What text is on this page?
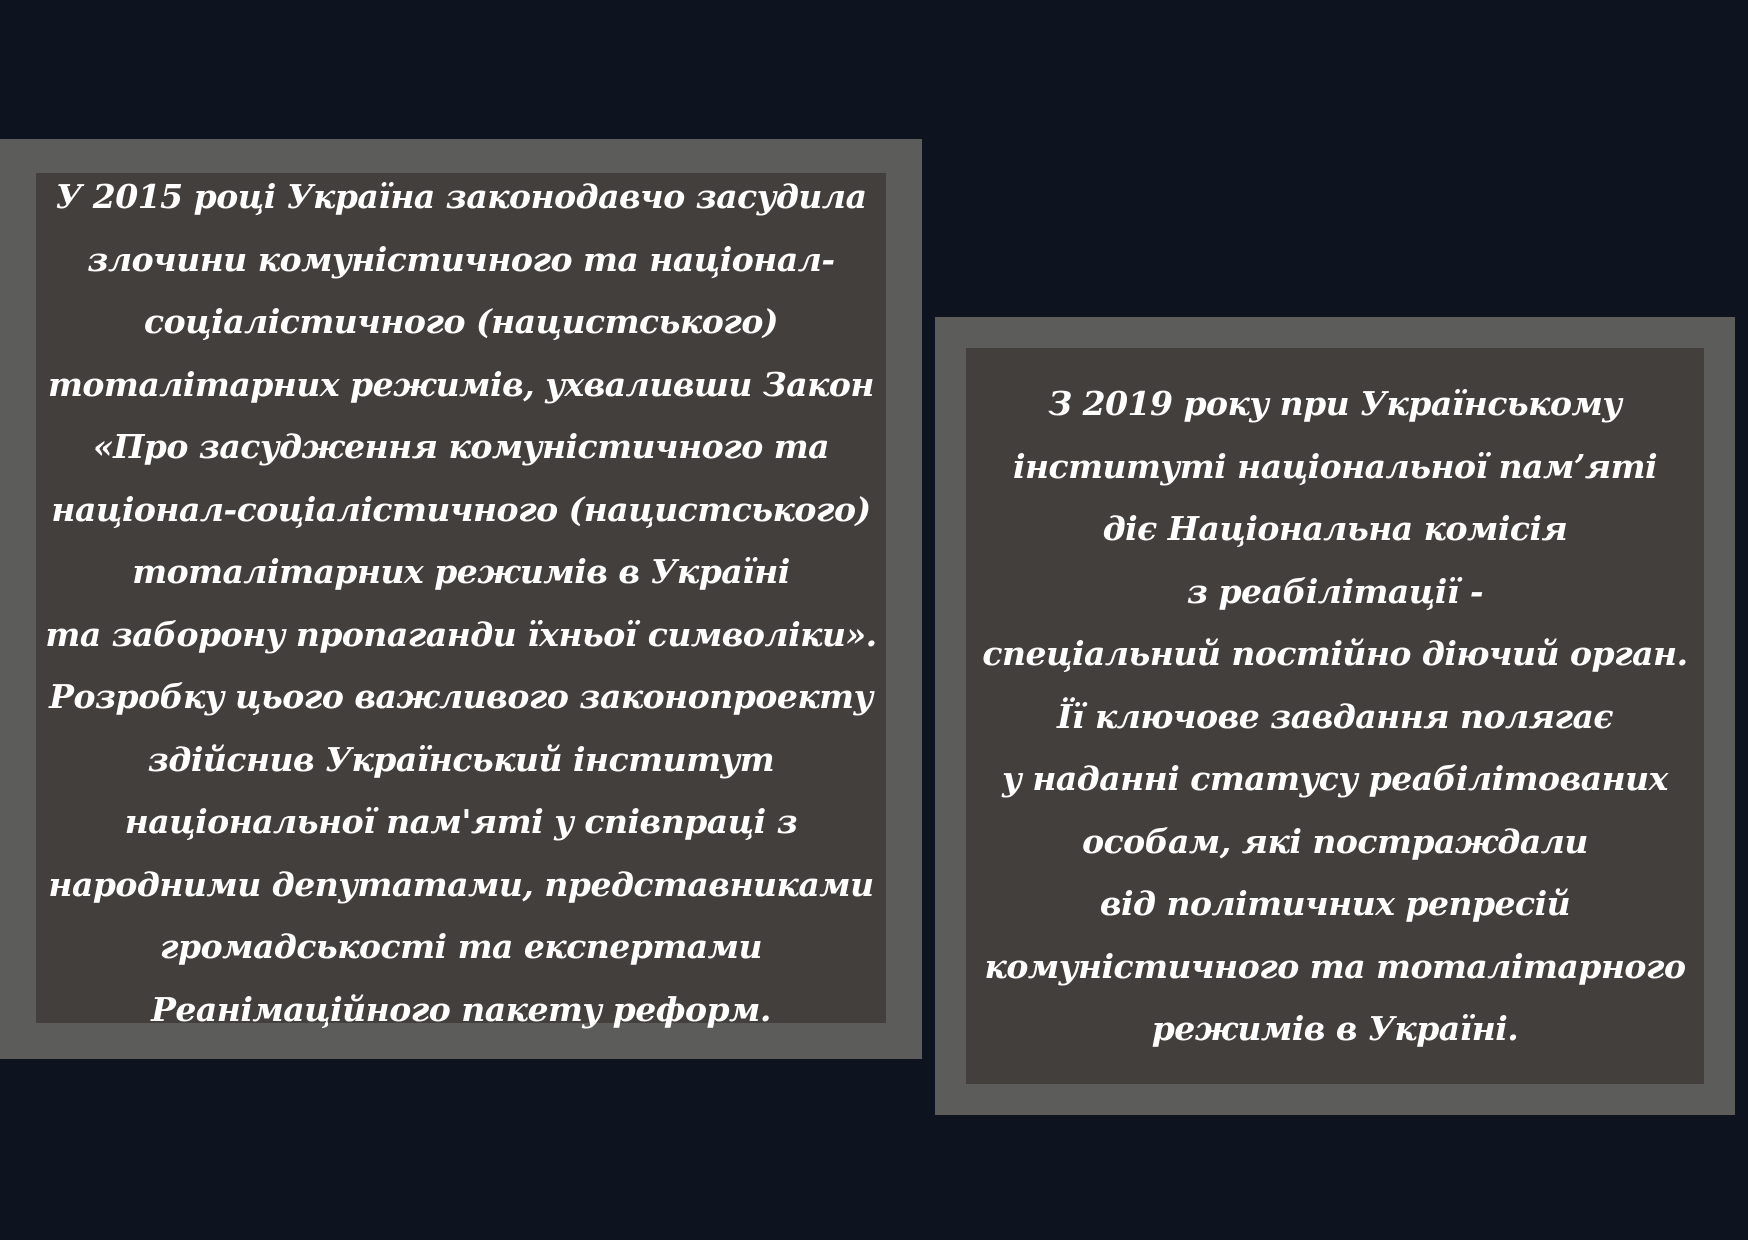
У 2015 році Україна законодавчо засудила
злочини комуністичного та націонал-
соціалістичного (нацистського)
тоталітарних режимів, ухваливши Закон
«Про засудження комуністичного та
націонал-соціалістичного (нацистського)
тоталітарних режимів в Україні
та заборону пропаганди їхньої символіки».
Розробку цього важливого законопроекту
здійснив Український інститут
національної пам'яті у співпраці з
народними депутатами, представниками
громадськості та експертами
Реанімаційного пакету реформ.
З 2019 року при Українському
інституті національної пам’яті
діє Національна комісія
з реабілітації -
спеціальний постійно діючий орган.
Її ключове завдання полягає
у наданні статусу реабілітованих
особам, які постраждали
від політичних репресій
комуністичного та тоталітарного
режимів в Україні.
